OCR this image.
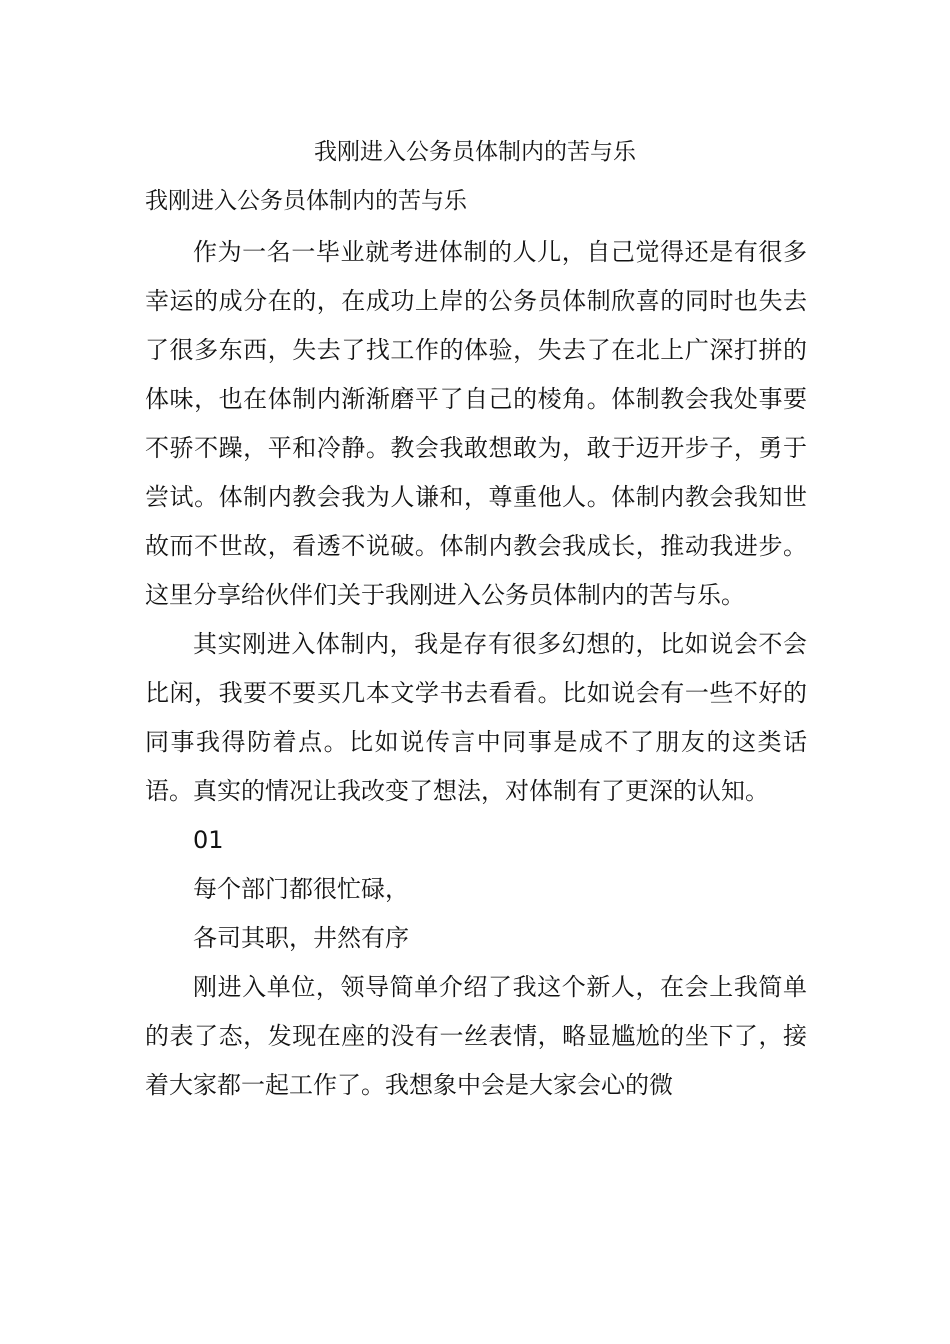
我刚进入公务员体制内的苦与乐
我刚进入公务员体制内的苦与乐

作为一名一毕业就考进体制的人儿，自己觉得还是有很多幸运的成分在的，在成功上岸的公务员体制欣喜的同时也失去了很多东西，失去了找工作的体验，失去了在北上广深打拼的体味，也在体制内渐渐磨平了自己的棱角。体制教会我处事要不骄不躁，平和冷静。教会我敢想敢为，敢于迈开步子，勇于尝试。体制内教会我为人谦和，尊重他人。体制内教会我知世故而不世故，看透不说破。体制内教会我成长，推动我进步。这里分享给伙伴们关于我刚进入公务员体制内的苦与乐。

其实刚进入体制内，我是存有很多幻想的，比如说会不会比闲，我要不要买几本文学书去看看。比如说会有一些不好的同事我得防着点。比如说传言中同事是成不了朋友的这类话语。真实的情况让我改变了想法，对体制有了更深的认知。

01

每个部门都很忙碌，

各司其职，井然有序

刚进入单位，领导简单介绍了我这个新人，在会上我简单的表了态，发现在座的没有一丝表情，略显尴尬的坐下了，接着大家都一起工作了。我想象中会是大家会心的微
